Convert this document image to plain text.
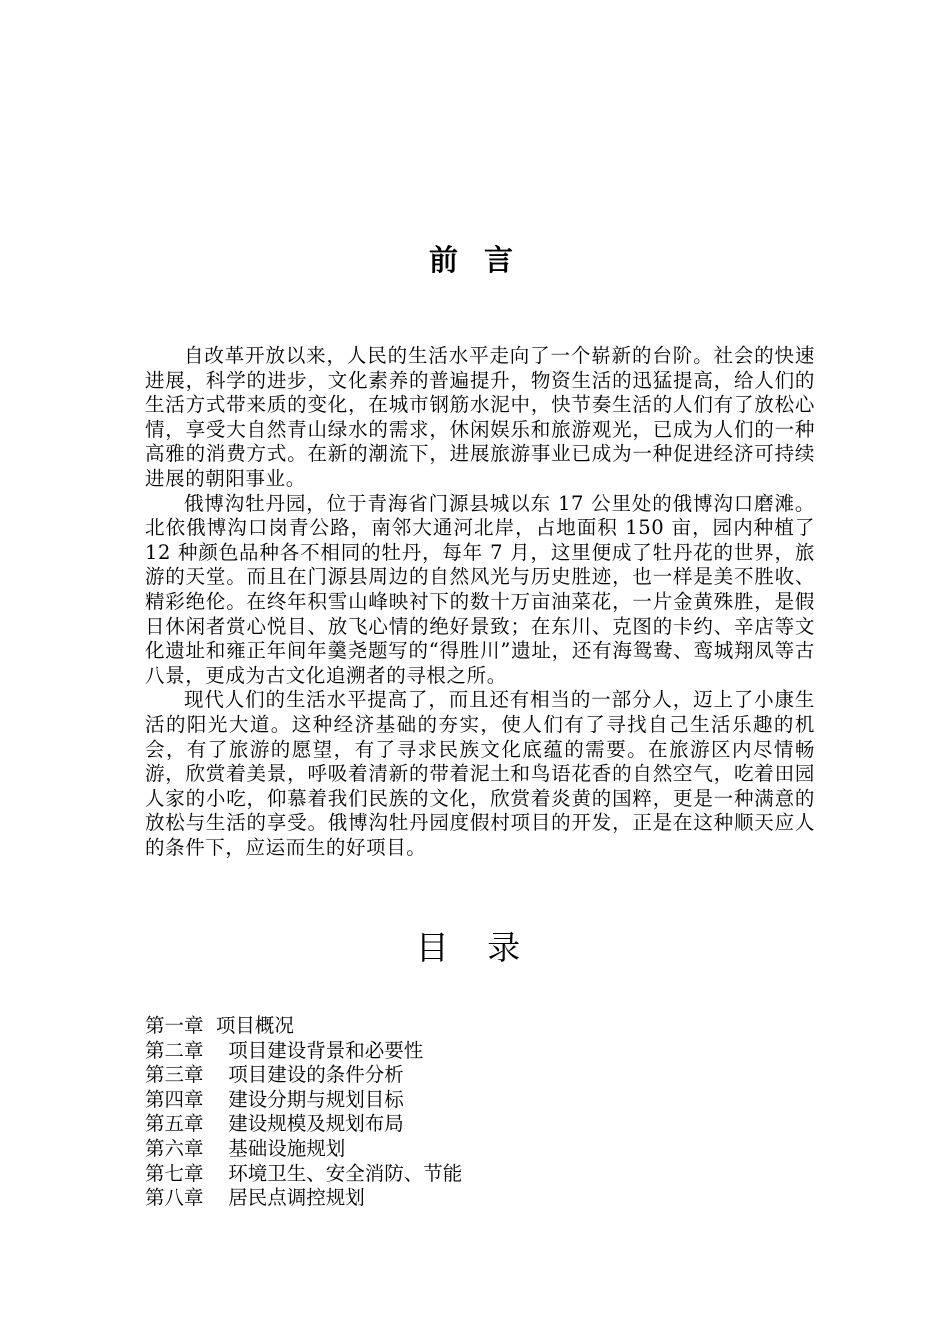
前 言

自改革开放以来，人民的生活水平走向了一个崭新的台阶。社会的快速进展，科学的进步，文化素养的普遍提升，物资生活的迅猛提高，给人们的生活方式带来质的变化，在城市钢筋水泥中，快节奏生活的人们有了放松心情，享受大自然青山绿水的需求，休闲娱乐和旅游观光，已成为人们的一种高雅的消费方式。在新的潮流下，进展旅游事业已成为一种促进经济可持续进展的朝阳事业。

俄博沟牡丹园，位于青海省门源县城以东 17 公里处的俄博沟口磨滩。北依俄博沟口岗青公路，南邻大通河北岸，占地面积 150 亩，园内种植了 12 种颜色品种各不相同的牡丹，每年 7 月，这里便成了牡丹花的世界，旅游的天堂。而且在门源县周边的自然风光与历史胜迹，也一样是美不胜收、精彩绝伦。在终年积雪山峰映衬下的数十万亩油菜花，一片金黄殊胜，是假日休闲者赏心悦目、放飞心情的绝好景致；在东川、克图的卡约、辛店等文化遗址和雍正年间年羹尧题写的“得胜川”遗址，还有海鸳鸯、鸾城翔凤等古八景，更成为古文化追溯者的寻根之所。

现代人们的生活水平提高了，而且还有相当的一部分人，迈上了小康生活的阳光大道。这种经济基础的夯实，使人们有了寻找自己生活乐趣的机会，有了旅游的愿望，有了寻求民族文化底蕴的需要。在旅游区内尽情畅游，欣赏着美景，呼吸着清新的带着泥土和鸟语花香的自然空气，吃着田园人家的小吃，仰慕着我们民族的文化，欣赏着炎黄的国粹，更是一种满意的放松与生活的享受。俄博沟牡丹园度假村项目的开发，正是在这种顺天应人的条件下，应运而生的好项目。

目 录
第一章  项目概况
第二章    项目建设背景和必要性
第三章    项目建设的条件分析
第四章    建设分期与规划目标
第五章    建设规模及规划布局
第六章    基础设施规划
第七章    环境卫生、安全消防、节能
第八章    居民点调控规划
